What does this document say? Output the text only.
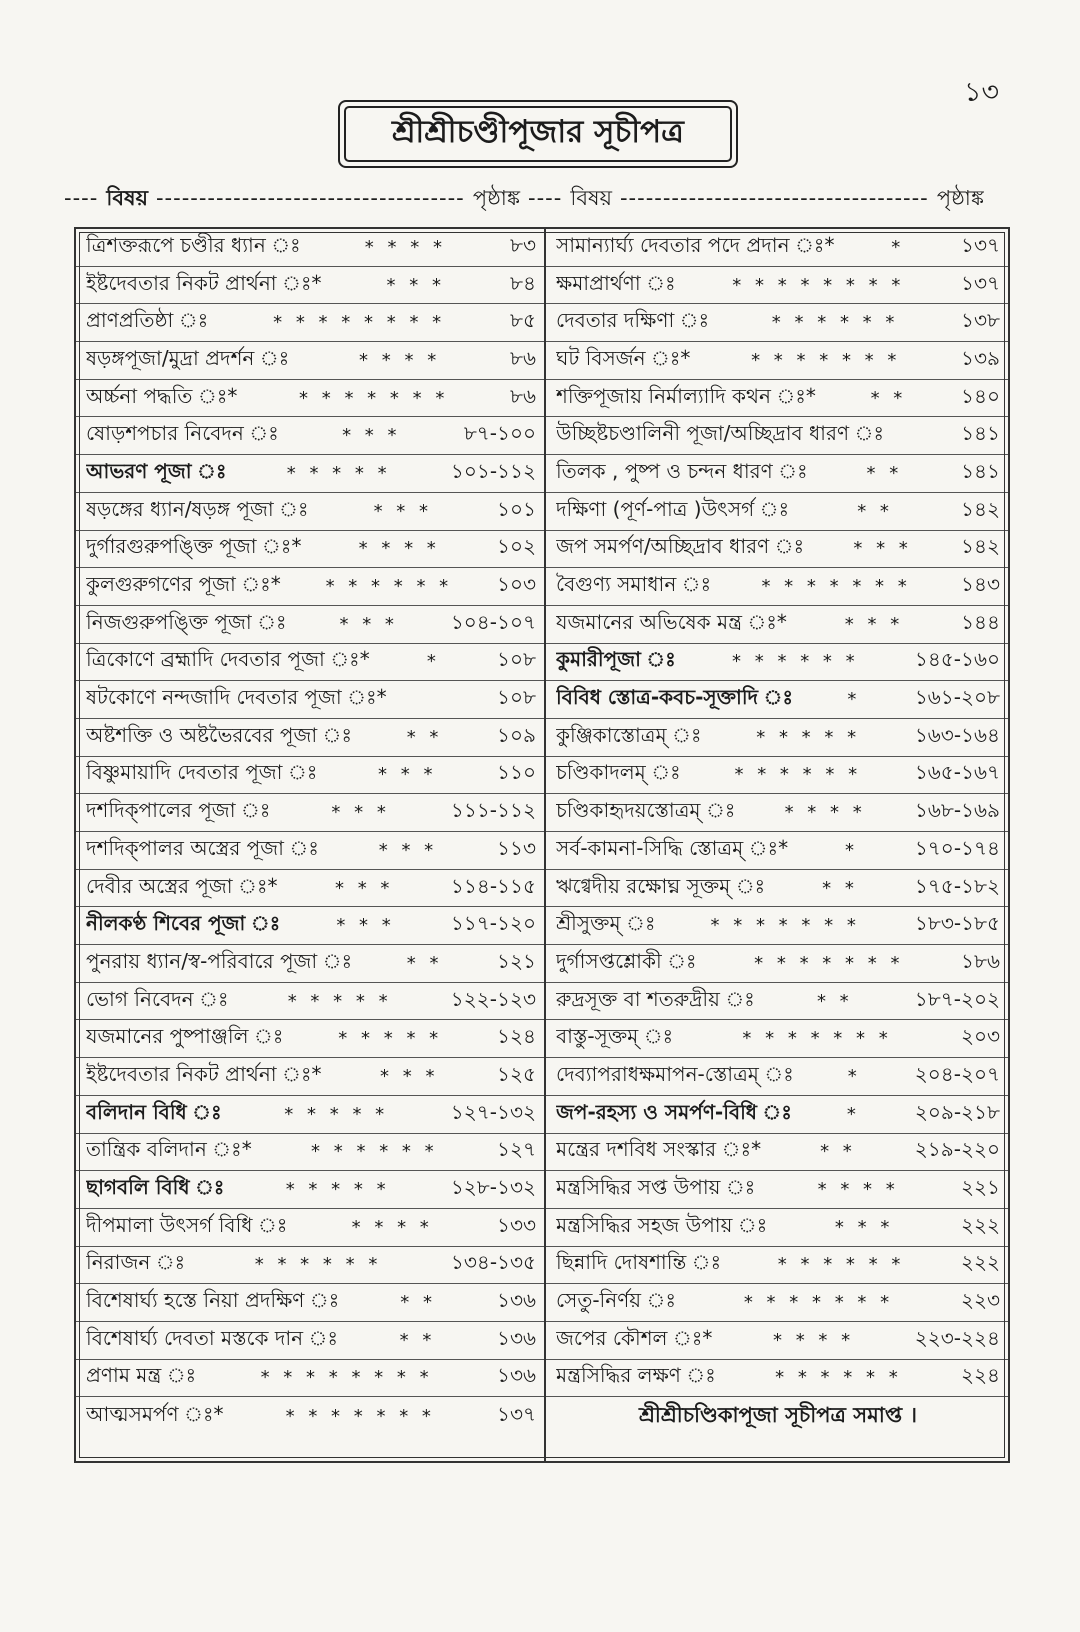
১৩
শ্রীশ্রীচণ্ডীপূজার সূচীপত্র
---- বিষয় -----	পৃষ্ঠাঙ্ক ---- বিষয় -----	পৃষ্ঠাঙ্ক
ত্রিশক্তরূপে চণ্ডীর ধ্যান ঃ	* * * *	৮৩
ইষ্টদেবতার নিকট প্রার্থনা ঃ*	* * *	৮৪
প্রাণপ্রতিষ্ঠা ঃ	* * * * * * * *	৮৫
ষড়ঙ্গপূজা/মুদ্রা প্রদর্শন ঃ	* * * *	৮৬
অর্চ্চনা পদ্ধতি ঃ*	* * * * * * *	৮৬
ষোড়শপচার নিবেদন ঃ	* * *	৮৭-১০০
আভরণ পূজা ঃ	* * * * *	১০১-১১২
ষড়ঙ্গের ধ্যান/ষড়ঙ্গ পূজা ঃ	* * *	১০১
দুর্গারগুরুপঙ্ক্তি পূজা ঃ*	* * * *	১০২
কুলগুরুগণের পূজা ঃ*	* * * * * *	১০৩
নিজগুরুপঙ্ক্তি পূজা ঃ	* * *	১০৪-১০৭
ত্রিকোণে ব্রহ্মাদি দেবতার পূজা ঃ*	*	১০৮
ষটকোণে নন্দজাদি দেবতার পূজা ঃ*	১০৮
অষ্টশক্তি ও অষ্টভৈরবের পূজা ঃ	* *	১০৯
বিষ্ণুমায়াদি দেবতার পূজা ঃ	* * *	১১০
দশদিক্পালের পূজা ঃ	* * *	১১১-১১২
দশদিক্পালর অস্ত্রের পূজা ঃ	* * *	১১৩
দেবীর অস্ত্রের পূজা ঃ*	* * *	১১৪-১১৫
নীলকণ্ঠ শিবের পূজা ঃ	* * *	১১৭-১২০
পুনরায় ধ্যান/স্ব-পরিবারে পূজা ঃ	* *	১২১
ভোগ নিবেদন ঃ	* * * * *	১২২-১২৩
যজমানের পুষ্পাঞ্জলি ঃ	* * * * *	১২৪
ইষ্টদেবতার নিকট প্রার্থনা ঃ*	* * *	১২৫
বলিদান বিধি ঃ	* * * * *	১২৭-১৩২
তান্ত্রিক বলিদান ঃ*	* * * * * *	১২৭
ছাগবলি বিধি ঃ	* * * * *	১২৮-১৩২
দীপমালা উৎসর্গ বিধি ঃ	* * * *	১৩৩
নিরাজন ঃ	* * * * * *	১৩৪-১৩৫
বিশেষার্ঘ্য হস্তে নিয়া প্রদক্ষিণ ঃ	* *	১৩৬
বিশেষার্ঘ্য দেবতা মস্তকে দান ঃ	* *	১৩৬
প্রণাম মন্ত্র ঃ	* * * * * * * *	১৩৬
আত্মসমর্পণ ঃ*	* * * * * * *	১৩৭
সামান্যার্ঘ্য দেবতার পদে প্রদান ঃ*	*	১৩৭
ক্ষমাপ্রার্থণা ঃ	* * * * * * * *	১৩৭
দেবতার দক্ষিণা ঃ	* * * * * *	১৩৮
ঘট বিসর্জন ঃ*	* * * * * * *	১৩৯
শক্তিপূজায় নির্মাল্যাদি কথন ঃ*	* *	১৪০
উচ্ছিষ্টচণ্ডালিনী পূজা/অচ্ছিদ্রাব ধারণ ঃ	১৪১
তিলক , পুষ্প ও চন্দন ধারণ ঃ	* *	১৪১
দক্ষিণা (পূর্ণ-পাত্র )উৎসর্গ ঃ	* *	১৪২
জপ সমর্পণ/অচ্ছিদ্রাব ধারণ ঃ	* * *	১৪২
বৈগুণ্য সমাধান ঃ	* * * * * * *	১৪৩
যজমানের অভিষেক মন্ত্র ঃ*	* * *	১৪৪
কুমারীপূজা ঃ	* * * * * *	১৪৫-১৬০
বিবিধ স্তোত্র-কবচ-সূক্তাদি ঃ	*	১৬১-২০৮
কুঞ্জিকাস্তোত্রম্ ঃ	* * * * *	১৬৩-১৬৪
চণ্ডিকাদলম্ ঃ	* * * * * *	১৬৫-১৬৭
চণ্ডিকাহৃদয়স্তোত্রম্ ঃ	* * * *	১৬৮-১৬৯
সর্ব-কামনা-সিদ্ধি স্তোত্রম্ ঃ*	*	১৭০-১৭৪
ঋগ্বেদীয় রক্ষোঘ্ন সূক্তম্ ঃ	* *	১৭৫-১৮২
শ্রীসুক্তম্ ঃ	* * * * * * *	১৮৩-১৮৫
দুর্গাসপ্তশ্লোকী ঃ	* * * * * * *	১৮৬
রুদ্রসূক্ত বা শতরুদ্রীয় ঃ	* *	১৮৭-২০২
বাস্তু-সূক্তম্ ঃ	* * * * * * *	২০৩
দেব্যাপরাধক্ষমাপন-স্তোত্রম্ ঃ	*	২০৪-২০৭
জপ-রহস্য ও সমর্পণ-বিধি ঃ	*	২০৯-২১৮
মন্ত্রের দশবিধ সংস্কার ঃ*	* *	২১৯-২২০
মন্ত্রসিদ্ধির সপ্ত উপায় ঃ	* * * *	২২১
মন্ত্রসিদ্ধির সহজ উপায় ঃ	* * *	২২২
ছিন্নাদি দোষশান্তি ঃ	* * * * * *	২২২
সেতু-নির্ণয় ঃ	* * * * * * *	২২৩
জপের কৌশল ঃ*	* * * *	২২৩-২২৪
মন্ত্রসিদ্ধির লক্ষণ ঃ	* * * * * *	২২৪
শ্রীশ্রীচণ্ডিকাপূজা সূচীপত্র সমাপ্ত ।
